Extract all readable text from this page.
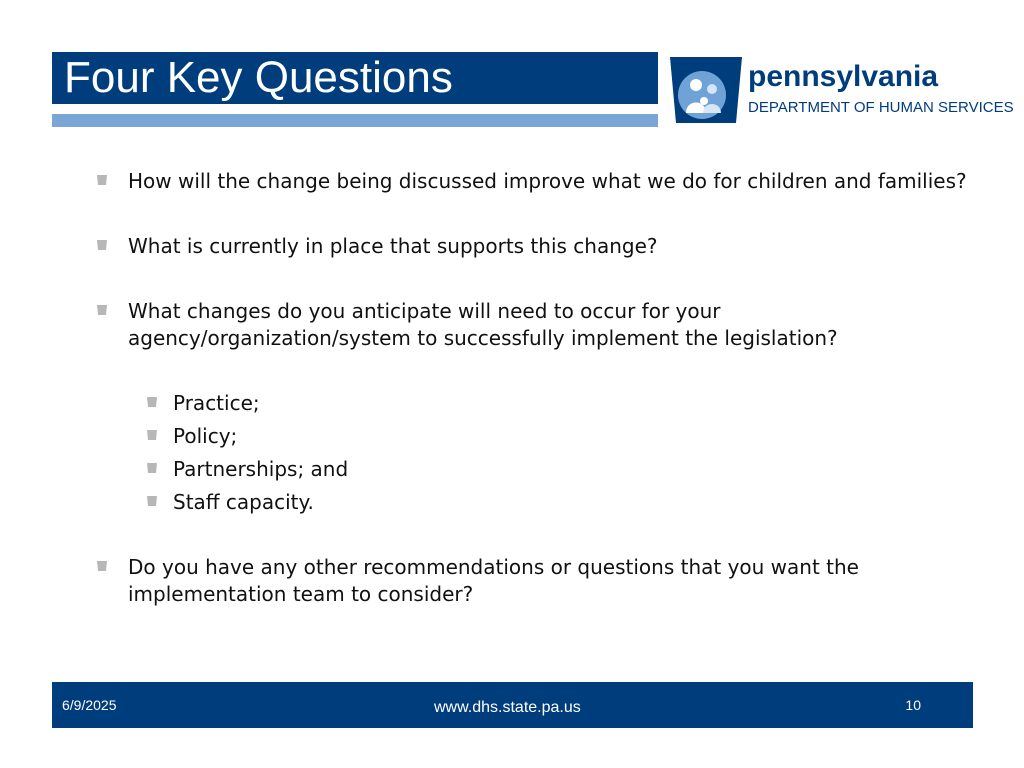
Four Key Questions	pennsylvania
DEPARTMENT OF HUMAN SERVICES
How will the change being discussed improve what we do for children and families?
What is currently in place that supports this change?
What changes do you anticipate will need to occur for your agency/organization/system to successfully implement the legislation?
Practice;
Policy;
Partnerships; and
Staff capacity.
Do you have any other recommendations or questions that you want the implementation team to consider?
6/9/2025	www.dhs.state.pa.us	10
